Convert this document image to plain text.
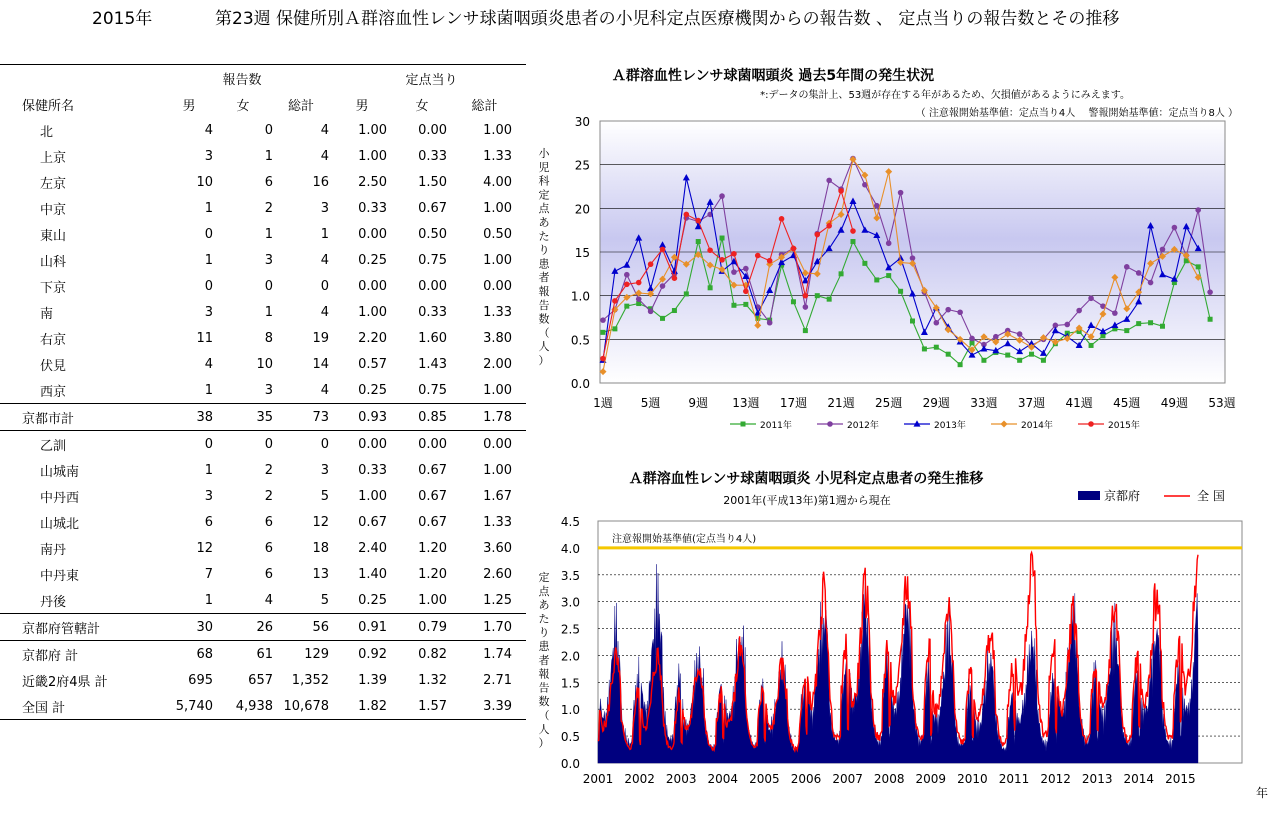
2015年	第23週 保健所別Ａ群溶血性レンサ球菌咽頭炎患者の小児科定点医療機関からの報告数 、 定点当りの報告数とその推移
	報告数				定点当り			
保健所名	男	女	総計		男	女	総計	
北	4	0	4		1.00	0.00	1.00	
上京	3	1	4		1.00	0.33	1.33	
左京	10	6	16		2.50	1.50	4.00	
中京	1	2	3		0.33	0.67	1.00	
東山	0	1	1		0.00	0.50	0.50	
山科	1	3	4		0.25	0.75	1.00	
下京	0	0	0		0.00	0.00	0.00	
南	3	1	4		1.00	0.33	1.33	
右京	11	8	19		2.20	1.60	3.80	
伏見	4	10	14		0.57	1.43	2.00	
西京	1	3	4		0.25	0.75	1.00	
京都市計	38	35	73		0.93	0.85	1.78	
乙訓	0	0	0		0.00	0.00	0.00	
山城南	1	2	3		0.33	0.67	1.00	
中丹西	3	2	5		1.00	0.67	1.67	
山城北	6	6	12		0.67	0.67	1.33	
南丹	12	6	18		2.40	1.20	3.60	
中丹東	7	6	13		1.40	1.20	2.60	
丹後	1	4	5		0.25	1.00	1.25	
京都府管轄計	30	26	56		0.91	0.79	1.70	
京都府 計	68	61	129		0.92	0.82	1.74	
近畿2府4県 計	695	657	1,352		1.39	1.32	2.71	
全国 計	5,740	4,938	10,678		1.82	1.57	3.39	
Ａ群溶血性レンサ球菌咽頭炎 過去5年間の発生状況
*:データの集計上、53週が存在する年があるため、欠損値があるようにみえます。
（ 注意報開始基準値：定点当り4人　 警報開始基準値：定点当り8人 ）
0.0
0.5
1.0
15
20
25
30
1週 5週 9週 13週 17週 21週 25週 29週 33週 37週 41週 45週 49週 53週
小
児
科
定
点
あ
た
り
患
者
報
告
数
（
人
）
2011年	2012年	2013年	2014年	2015年
Ａ群溶血性レンサ球菌咽頭炎 小児科定点患者の発生推移
2001年(平成13年)第1週から現在
0.0
0.5
1.0
1.5
2.0
2.5
3.0
3.5
4.0
4.5
注意報開始基準値(定点当り4人)
2001 2002 2003 2004 2005 2006 2007 2008 2009 2010 2011 2012 2013 2014 2015
年
定
点
あ
た
り
患
者
報
告
数
（
人
）
京都府	全 国
